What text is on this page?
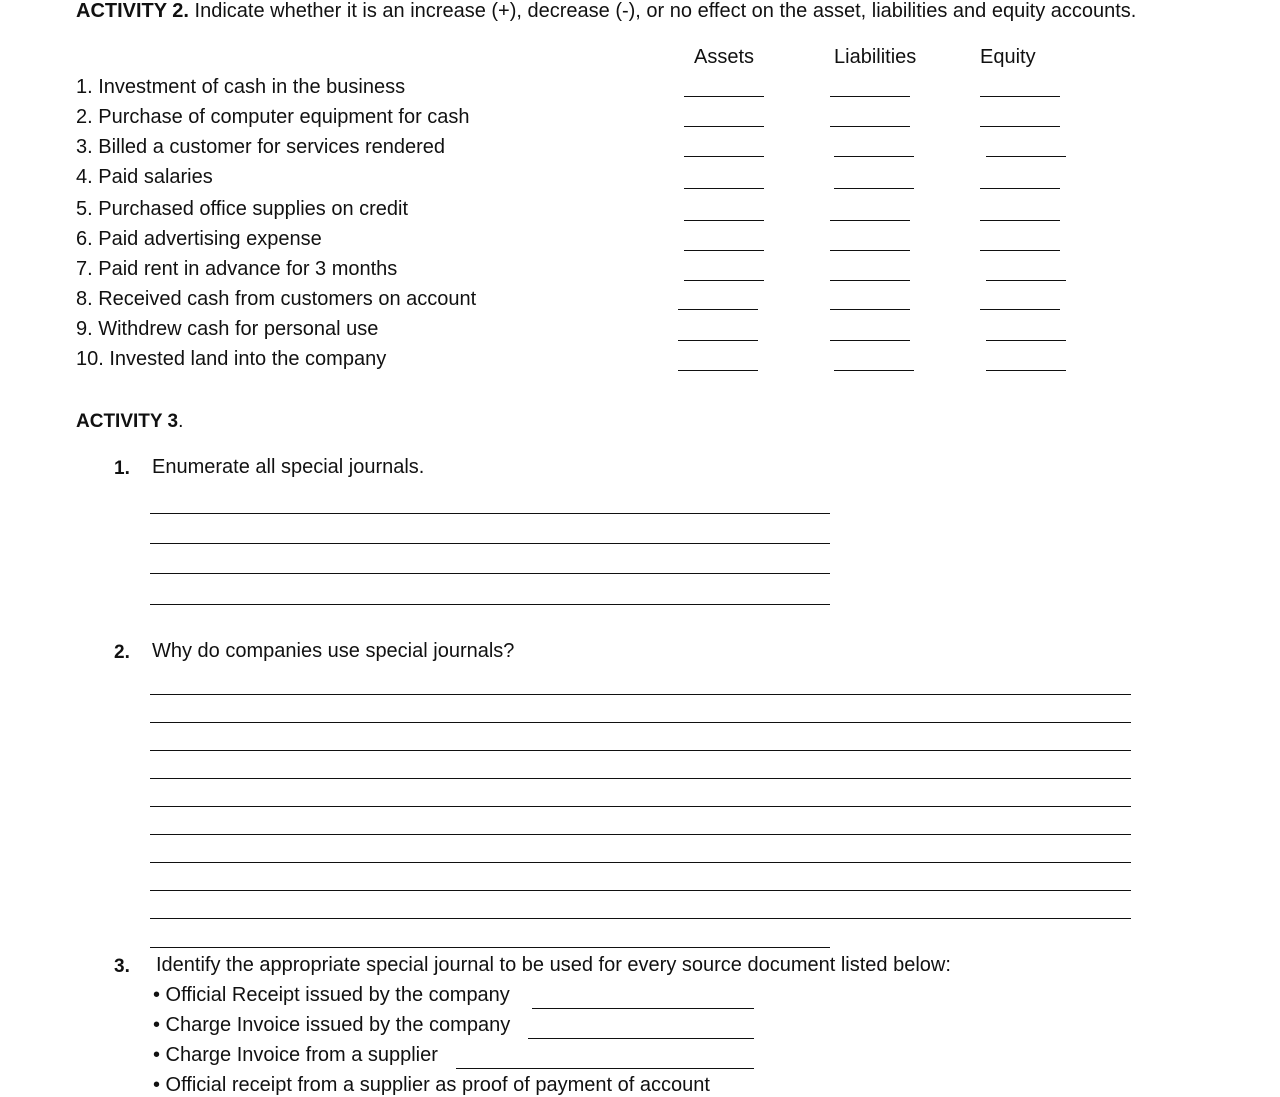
ACTIVITY 2. Indicate whether it is an increase (+), decrease (-), or no effect on the asset, liabilities and equity accounts.
Assets	Liabilities	Equity
1. Investment of cash in the business
2. Purchase of computer equipment for cash
3. Billed a customer for services rendered
4. Paid salaries
5. Purchased office supplies on credit
6. Paid advertising expense
7. Paid rent in advance for 3 months
8. Received cash from customers on account
9. Withdrew cash for personal use
10. Invested land into the company
ACTIVITY 3.
1. Enumerate all special journals.
2. Why do companies use special journals?
3. Identify the appropriate special journal to be used for every source document listed below:
• Official Receipt issued by the company
• Charge Invoice issued by the company
• Charge Invoice from a supplier
• Official receipt from a supplier as proof of payment of account
